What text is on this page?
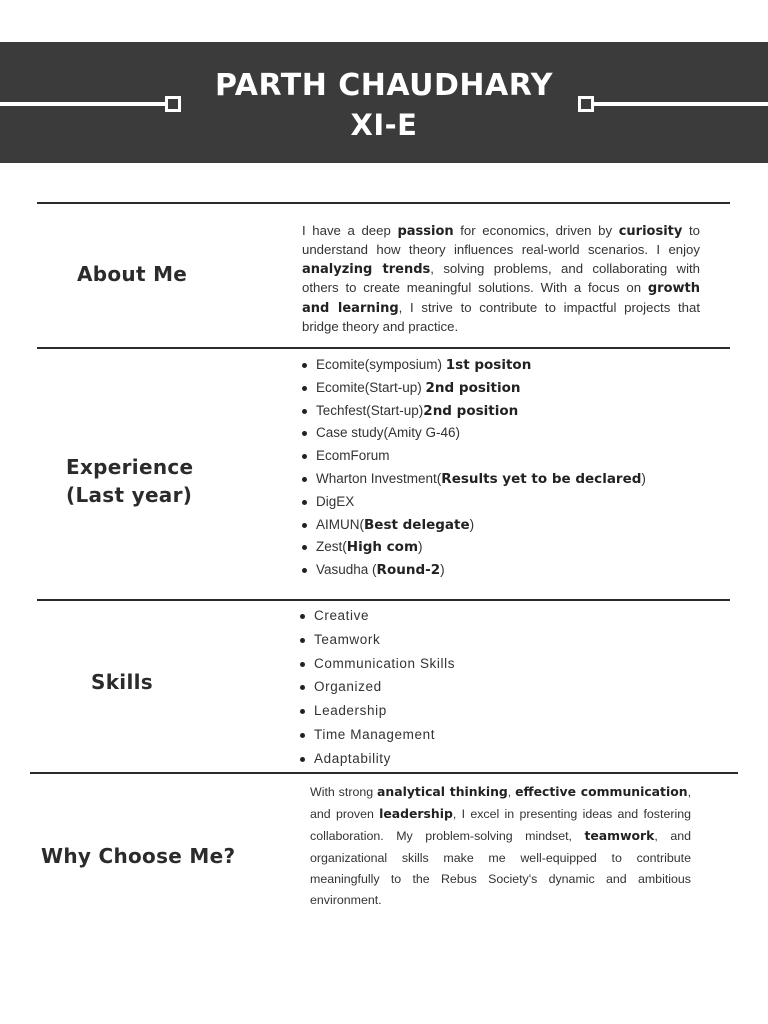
PARTH CHAUDHARY
XI-E
About Me
I have a deep passion for economics, driven by curiosity to understand how theory influences real-world scenarios. I enjoy analyzing trends, solving problems, and collaborating with others to create meaningful solutions. With a focus on growth and learning, I strive to contribute to impactful projects that bridge theory and practice.
Experience
(Last year)
Ecomite(symposium) 1st positon
Ecomite(Start-up) 2nd position
Techfest(Start-up)2nd position
Case study(Amity G-46)
EcomForum
Wharton Investment(Results yet to be declared)
DigEX
AIMUN(Best delegate)
Zest(High com)
Vasudha (Round-2)
Skills
Creative
Teamwork
Communication Skills
Organized
Leadership
Time Management
Adaptability
Why Choose Me?
With strong analytical thinking, effective communication, and proven leadership, I excel in presenting ideas and fostering collaboration. My problem-solving mindset, teamwork, and organizational skills make me well-equipped to contribute meaningfully to the Rebus Society's dynamic and ambitious environment.
